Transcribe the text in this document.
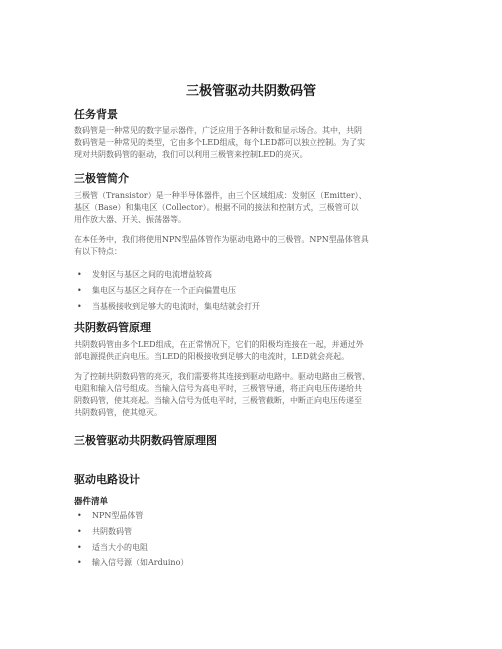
三极管驱动共阴数码管
任务背景
数码管是一种常见的数字显示器件，广泛应用于各种计数和显示场合。其中，共阴
数码管是一种常见的类型，它由多个LED组成，每个LED都可以独立控制。为了实
现对共阴数码管的驱动，我们可以利用三极管来控制LED的亮灭。
三极管简介
三极管（Transistor）是一种半导体器件，由三个区域组成：发射区（Emitter）、
基区（Base）和集电区（Collector）。根据不同的接法和控制方式，三极管可以
用作放大器、开关、振荡器等。
在本任务中，我们将使用NPN型晶体管作为驱动电路中的三极管。NPN型晶体管具
有以下特点：
• 发射区与基区之间的电流增益较高
• 集电区与基区之间存在一个正向偏置电压
• 当基极接收到足够大的电流时，集电结就会打开
共阴数码管原理
共阴数码管由多个LED组成，在正常情况下，它们的阳极均连接在一起，并通过外
部电源提供正向电压。当LED的阳极接收到足够大的电流时，LED就会亮起。
为了控制共阴数码管的亮灭，我们需要将其连接到驱动电路中。驱动电路由三极管、
电阻和输入信号组成。当输入信号为高电平时，三极管导通，将正向电压传递给共
阴数码管，使其亮起。当输入信号为低电平时，三极管截断，中断正向电压传递至
共阴数码管，使其熄灭。
三极管驱动共阴数码管原理图
驱动电路设计
器件清单
• NPN型晶体管
• 共阴数码管
• 适当大小的电阻
• 输入信号源（如Arduino）
